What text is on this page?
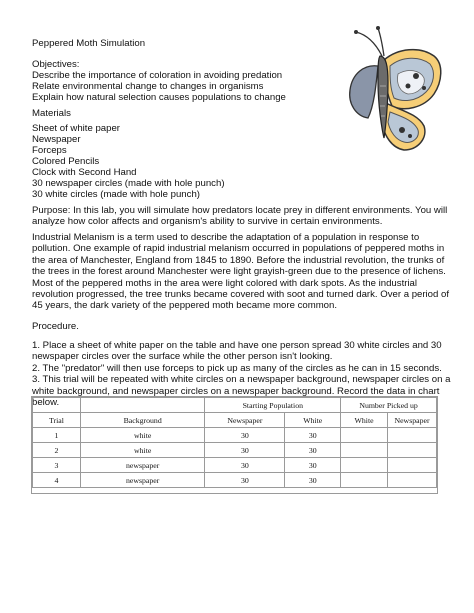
Peppered Moth Simulation
Objectives:
Describe the importance of coloration in avoiding predation
Relate environmental change to changes in organisms
Explain how natural selection causes populations to change
Materials
Sheet of white paper
Newspaper
Forceps
Colored Pencils
Clock with Second Hand
30 newspaper circles (made with hole punch)
30 white circles (made with hole punch)
Purpose: In this lab, you will simulate how predators locate prey in different environments. You will
analyze how color affects and organism's ability to survive in certain environments.
Industrial Melanism is a term used to describe the adaptation of a population in response to
pollution. One example of rapid industrial melanism occurred in populations of peppered moths in
the area of Manchester, England from 1845 to 1890. Before the industrial revolution, the trunks of
the trees in the forest around Manchester were light grayish-green due to the presence of lichens.
Most of the peppered moths in the area were light colored with dark spots. As the industrial
revolution progressed, the tree trunks became covered with soot and turned dark. Over a period of
45 years, the dark variety of the peppered moth became more common.
Procedure.
1. Place a sheet of white paper on the table and have one person spread 30 white circles and 30
newspaper circles over the surface while the other person isn't looking.
2. The "predator" will then use forceps to pick up as many of the circles as he can in 15 seconds.
3. This trial will be repeated with white circles on a newspaper background, newspaper circles on a
white background, and newspaper circles on a newspaper background. Record the data in chart
below.
			Starting Population		Number Picked up	
Trial	Background	Newspaper	White	White	Newspaper
1	white	30	30		
2	white	30	30		
3	newspaper	30	30		
4	newspaper	30	30		
